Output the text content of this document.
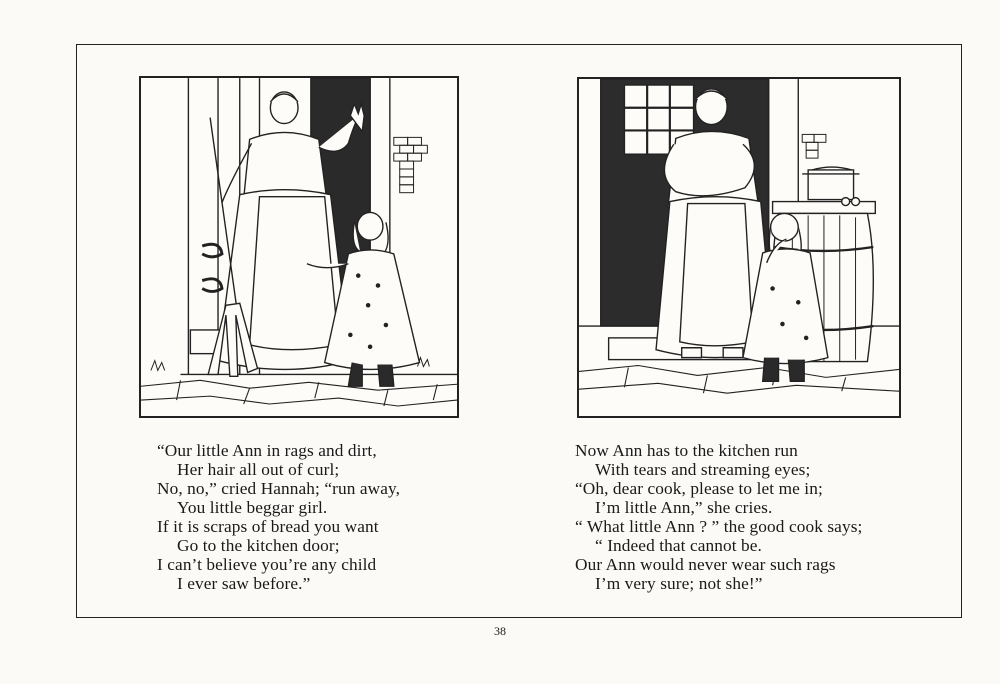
“Our little Ann in rags and dirt,
Her hair all out of curl;
No, no,” cried Hannah; “run away,
You little beggar girl.
If it is scraps of bread you want
Go to the kitchen door;
I can’t believe you’re any child
I ever saw before.”
Now Ann has to the kitchen run
With tears and streaming eyes;
“Oh, dear cook, please to let me in;
I’m little Ann,” she cries.
“ What little Ann ? ” the good cook says;
“ Indeed that cannot be.
Our Ann would never wear such rags
I’m very sure; not she!”
38
